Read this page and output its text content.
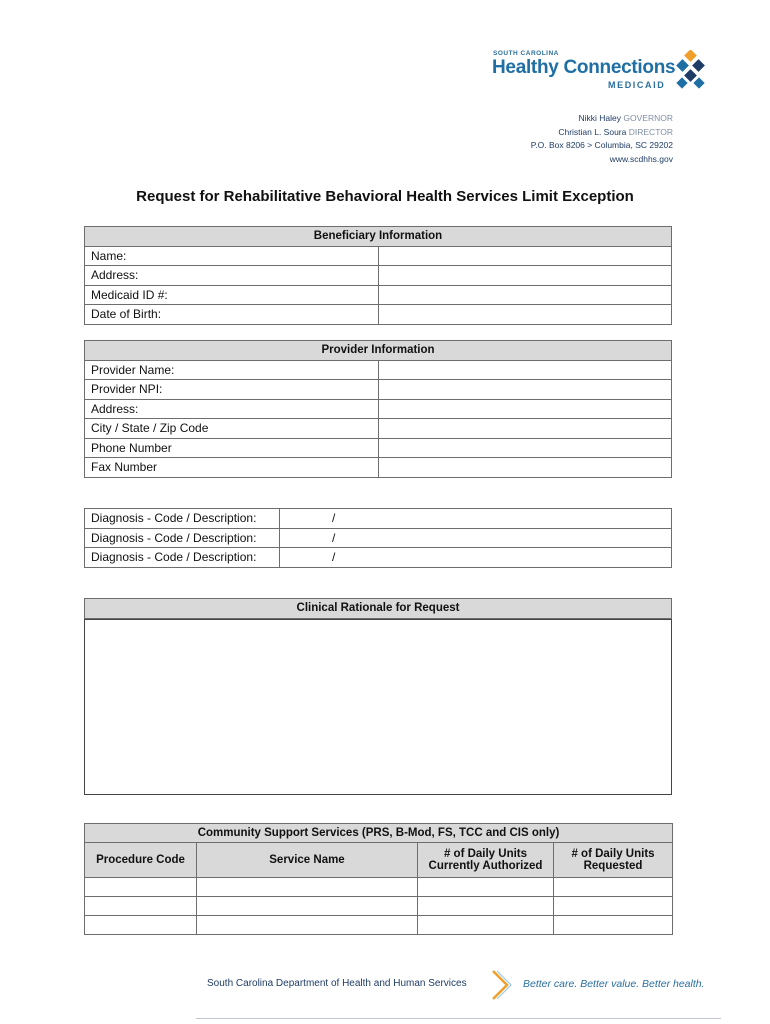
SOUTH CAROLINA
Healthy Connections
MEDICAID
Nikki Haley GOVERNOR
Christian L. Soura DIRECTOR
P.O. Box 8206 > Columbia, SC 29202
www.scdhhs.gov
Request for Rehabilitative Behavioral Health Services Limit Exception
Beneficiary Information	
Name:	
Address:	
Medicaid ID #:	
Date of Birth:	
Provider Information	
Provider Name:	
Provider NPI:	
Address:	
City / State / Zip Code	
Phone Number	
Fax Number	
Diagnosis - Code / Description:	/
Diagnosis - Code / Description:	/
Diagnosis - Code / Description:	/
Clinical Rationale for Request
Community Support Services (PRS, B-Mod, FS, TCC and CIS only)			
Procedure Code	Service Name	# of Daily Units Currently Authorized	# of Daily Units Requested

South Carolina Department of Health and Human Services	Better care. Better value. Better health.
